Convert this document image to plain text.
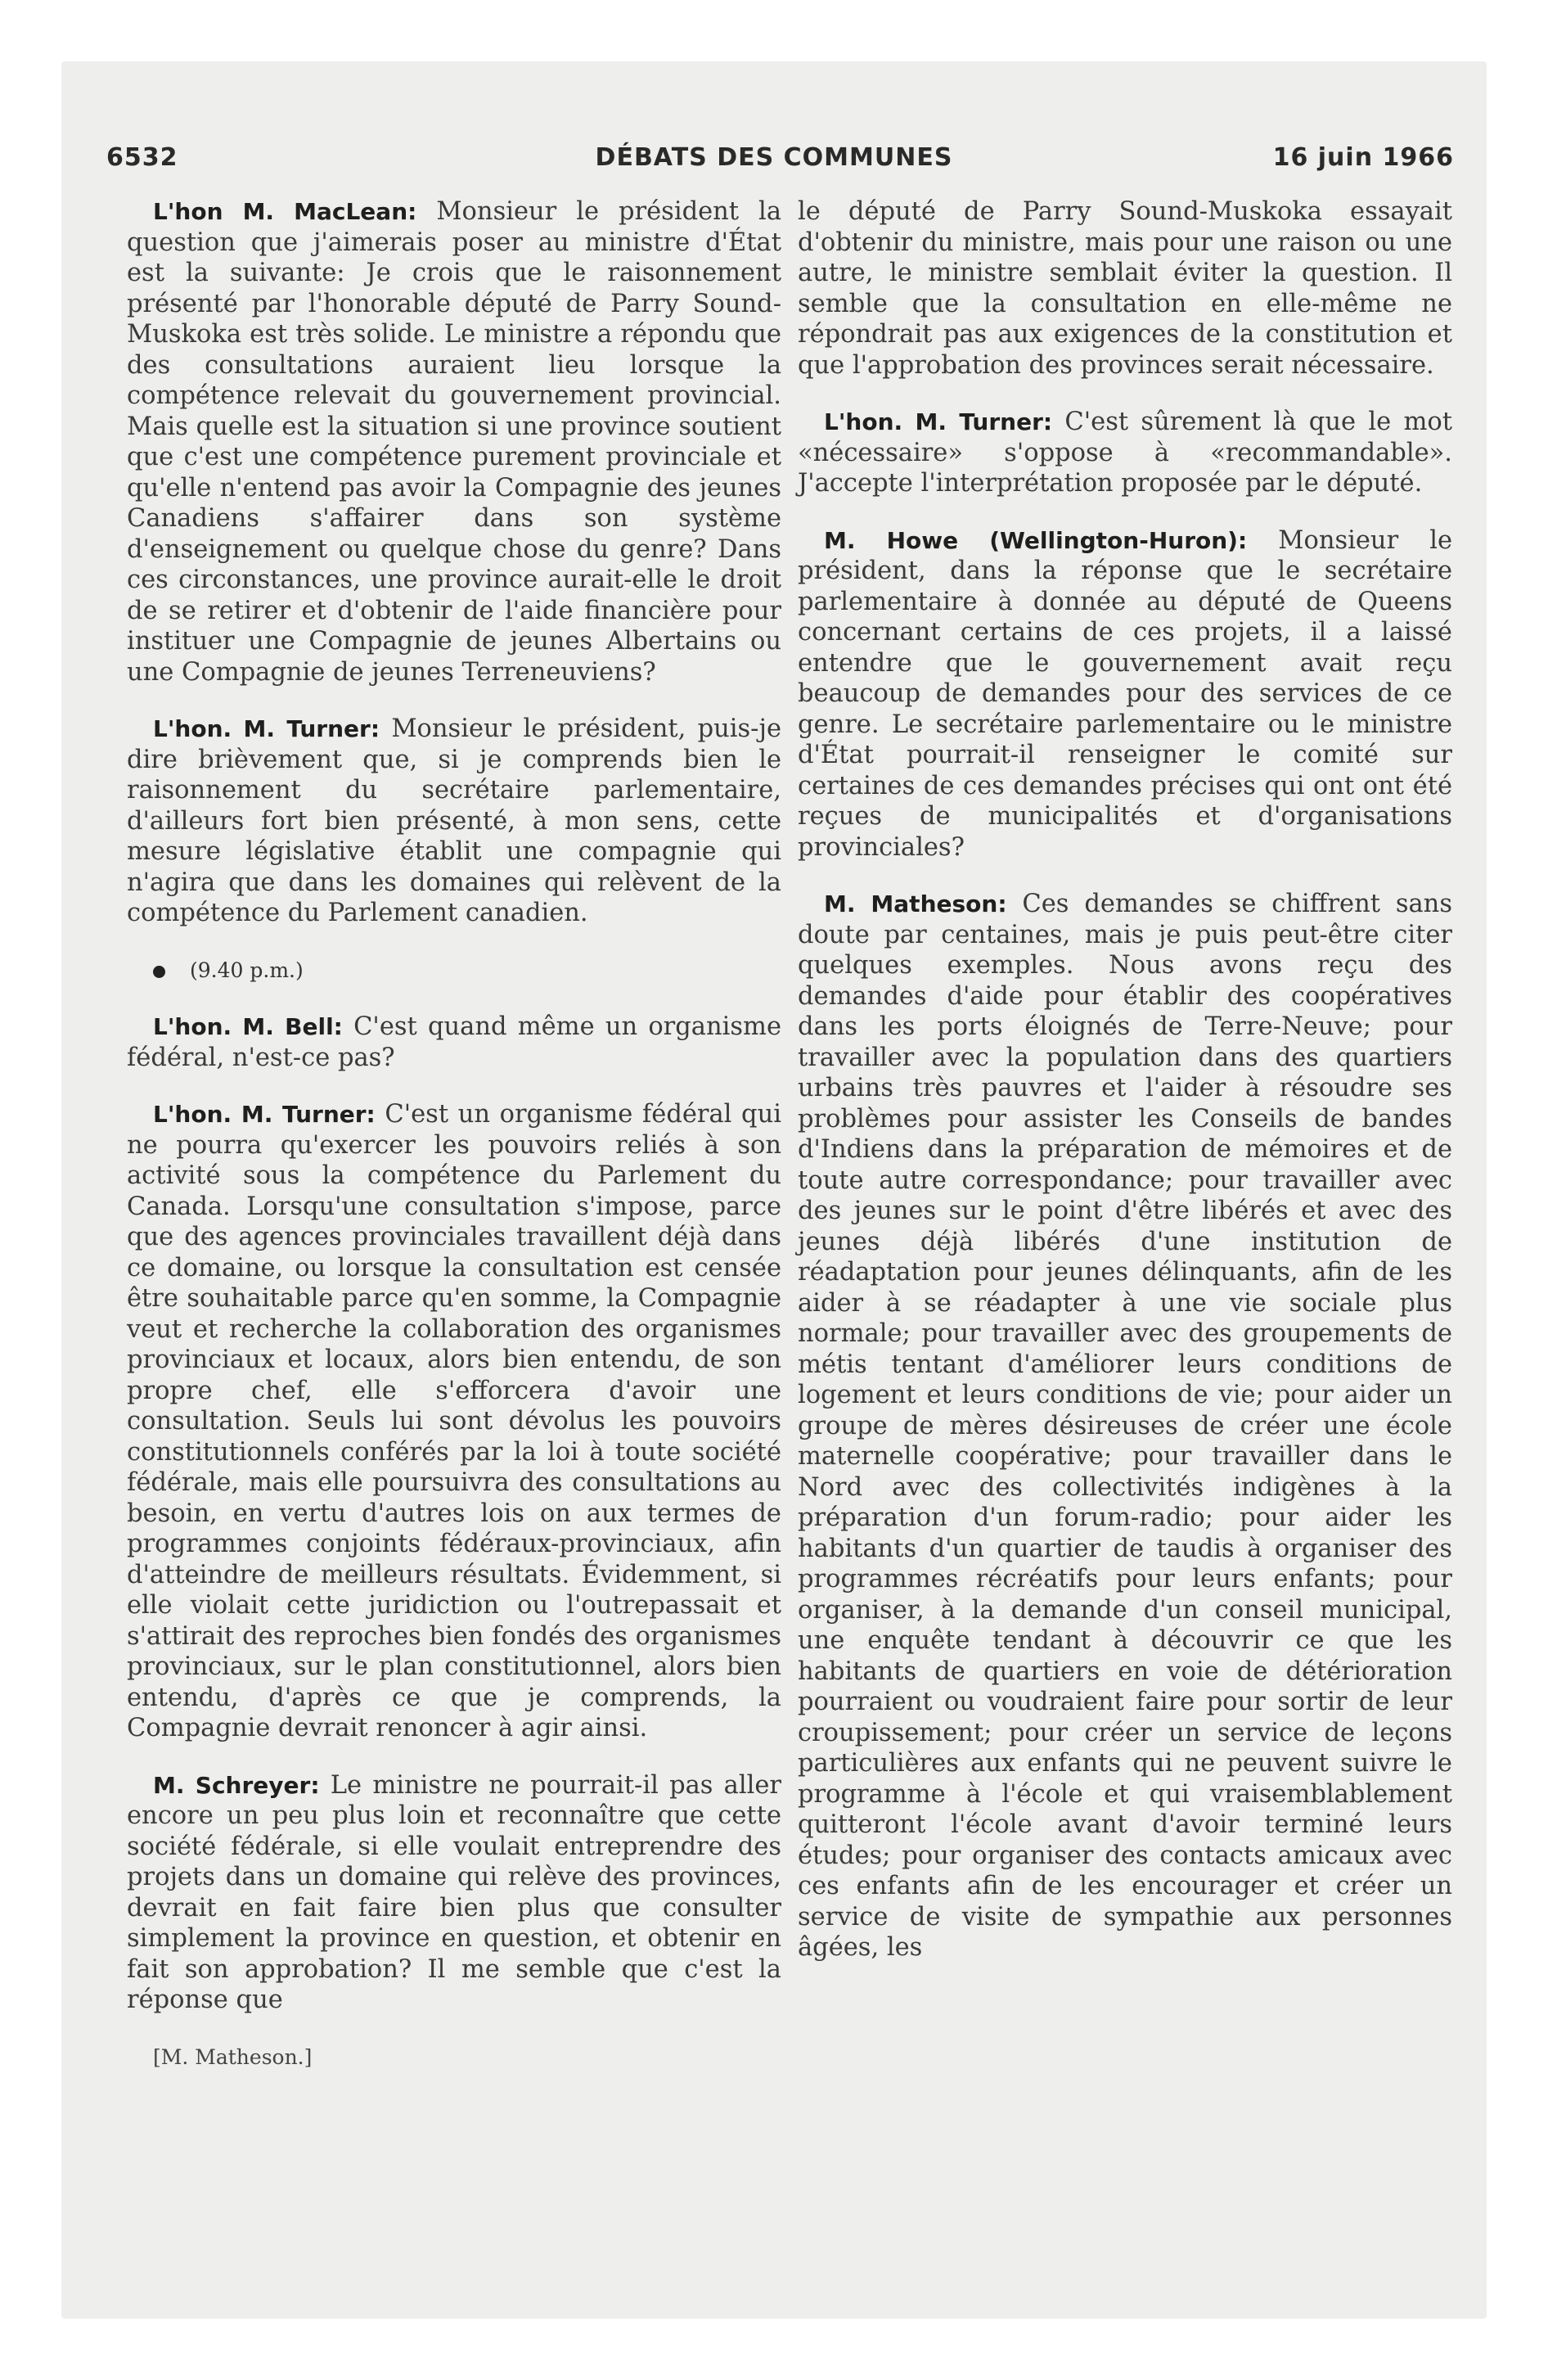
6532	DÉBATS DES COMMUNES	16 juin 1966

L'hon M. MacLean: Monsieur le président la question que j'aimerais poser au ministre d'État est la suivante: Je crois que le raisonnement présenté par l'honorable député de Parry Sound-Muskoka est très solide. Le ministre a répondu que des consultations auraient lieu lorsque la compétence relevait du gouvernement provincial. Mais quelle est la situation si une province soutient que c'est une compétence purement provinciale et qu'elle n'entend pas avoir la Compagnie des jeunes Canadiens s'affairer dans son système d'enseignement ou quelque chose du genre? Dans ces circonstances, une province aurait-elle le droit de se retirer et d'obtenir de l'aide financière pour instituer une Compagnie de jeunes Albertains ou une Compagnie de jeunes Terreneuviens?

L'hon. M. Turner: Monsieur le président, puis-je dire brièvement que, si je comprends bien le raisonnement du secrétaire parlementaire, d'ailleurs fort bien présenté, à mon sens, cette mesure législative établit une compagnie qui n'agira que dans les domaines qui relèvent de la compétence du Parlement canadien.

(9.40 p.m.)

L'hon. M. Bell: C'est quand même un organisme fédéral, n'est-ce pas?

L'hon. M. Turner: C'est un organisme fédéral qui ne pourra qu'exercer les pouvoirs reliés à son activité sous la compétence du Parlement du Canada. Lorsqu'une consultation s'impose, parce que des agences provinciales travaillent déjà dans ce domaine, ou lorsque la consultation est censée être souhaitable parce qu'en somme, la Compagnie veut et recherche la collaboration des organismes provinciaux et locaux, alors bien entendu, de son propre chef, elle s'efforcera d'avoir une consultation. Seuls lui sont dévolus les pouvoirs constitutionnels conférés par la loi à toute société fédérale, mais elle poursuivra des consultations au besoin, en vertu d'autres lois on aux termes de programmes conjoints fédéraux-provinciaux, afin d'atteindre de meilleurs résultats. Évidemment, si elle violait cette juridiction ou l'outrepassait et s'attirait des reproches bien fondés des organismes provinciaux, sur le plan constitutionnel, alors bien entendu, d'après ce que je comprends, la Compagnie devrait renoncer à agir ainsi.

M. Schreyer: Le ministre ne pourrait-il pas aller encore un peu plus loin et reconnaître que cette société fédérale, si elle voulait entreprendre des projets dans un domaine qui relève des provinces, devrait en fait faire bien plus que consulter simplement la province en question, et obtenir en fait son approbation? Il me semble que c'est la réponse que

[M. Matheson.]

le député de Parry Sound-Muskoka essayait d'obtenir du ministre, mais pour une raison ou une autre, le ministre semblait éviter la question. Il semble que la consultation en elle-même ne répondrait pas aux exigences de la constitution et que l'approbation des provinces serait nécessaire.

L'hon. M. Turner: C'est sûrement là que le mot «nécessaire» s'oppose à «recommandable». J'accepte l'interprétation proposée par le député.

M. Howe (Wellington-Huron): Monsieur le président, dans la réponse que le secrétaire parlementaire à donnée au député de Queens concernant certains de ces projets, il a laissé entendre que le gouvernement avait reçu beaucoup de demandes pour des services de ce genre. Le secrétaire parlementaire ou le ministre d'État pourrait-il renseigner le comité sur certaines de ces demandes précises qui ont ont été reçues de municipalités et d'organisations provinciales?

M. Matheson: Ces demandes se chiffrent sans doute par centaines, mais je puis peut-être citer quelques exemples. Nous avons reçu des demandes d'aide pour établir des coopératives dans les ports éloignés de Terre-Neuve; pour travailler avec la population dans des quartiers urbains très pauvres et l'aider à résoudre ses problèmes pour assister les Conseils de bandes d'Indiens dans la préparation de mémoires et de toute autre correspondance; pour travailler avec des jeunes sur le point d'être libérés et avec des jeunes déjà libérés d'une institution de réadaptation pour jeunes délinquants, afin de les aider à se réadapter à une vie sociale plus normale; pour travailler avec des groupements de métis tentant d'améliorer leurs conditions de logement et leurs conditions de vie; pour aider un groupe de mères désireuses de créer une école maternelle coopérative; pour travailler dans le Nord avec des collectivités indigènes à la préparation d'un forum-radio; pour aider les habitants d'un quartier de taudis à organiser des programmes récréatifs pour leurs enfants; pour organiser, à la demande d'un conseil municipal, une enquête tendant à découvrir ce que les habitants de quartiers en voie de détérioration pourraient ou voudraient faire pour sortir de leur croupissement; pour créer un service de leçons particulières aux enfants qui ne peuvent suivre le programme à l'école et qui vraisemblablement quitteront l'école avant d'avoir terminé leurs études; pour organiser des contacts amicaux avec ces enfants afin de les encourager et créer un service de visite de sympathie aux personnes âgées, les
